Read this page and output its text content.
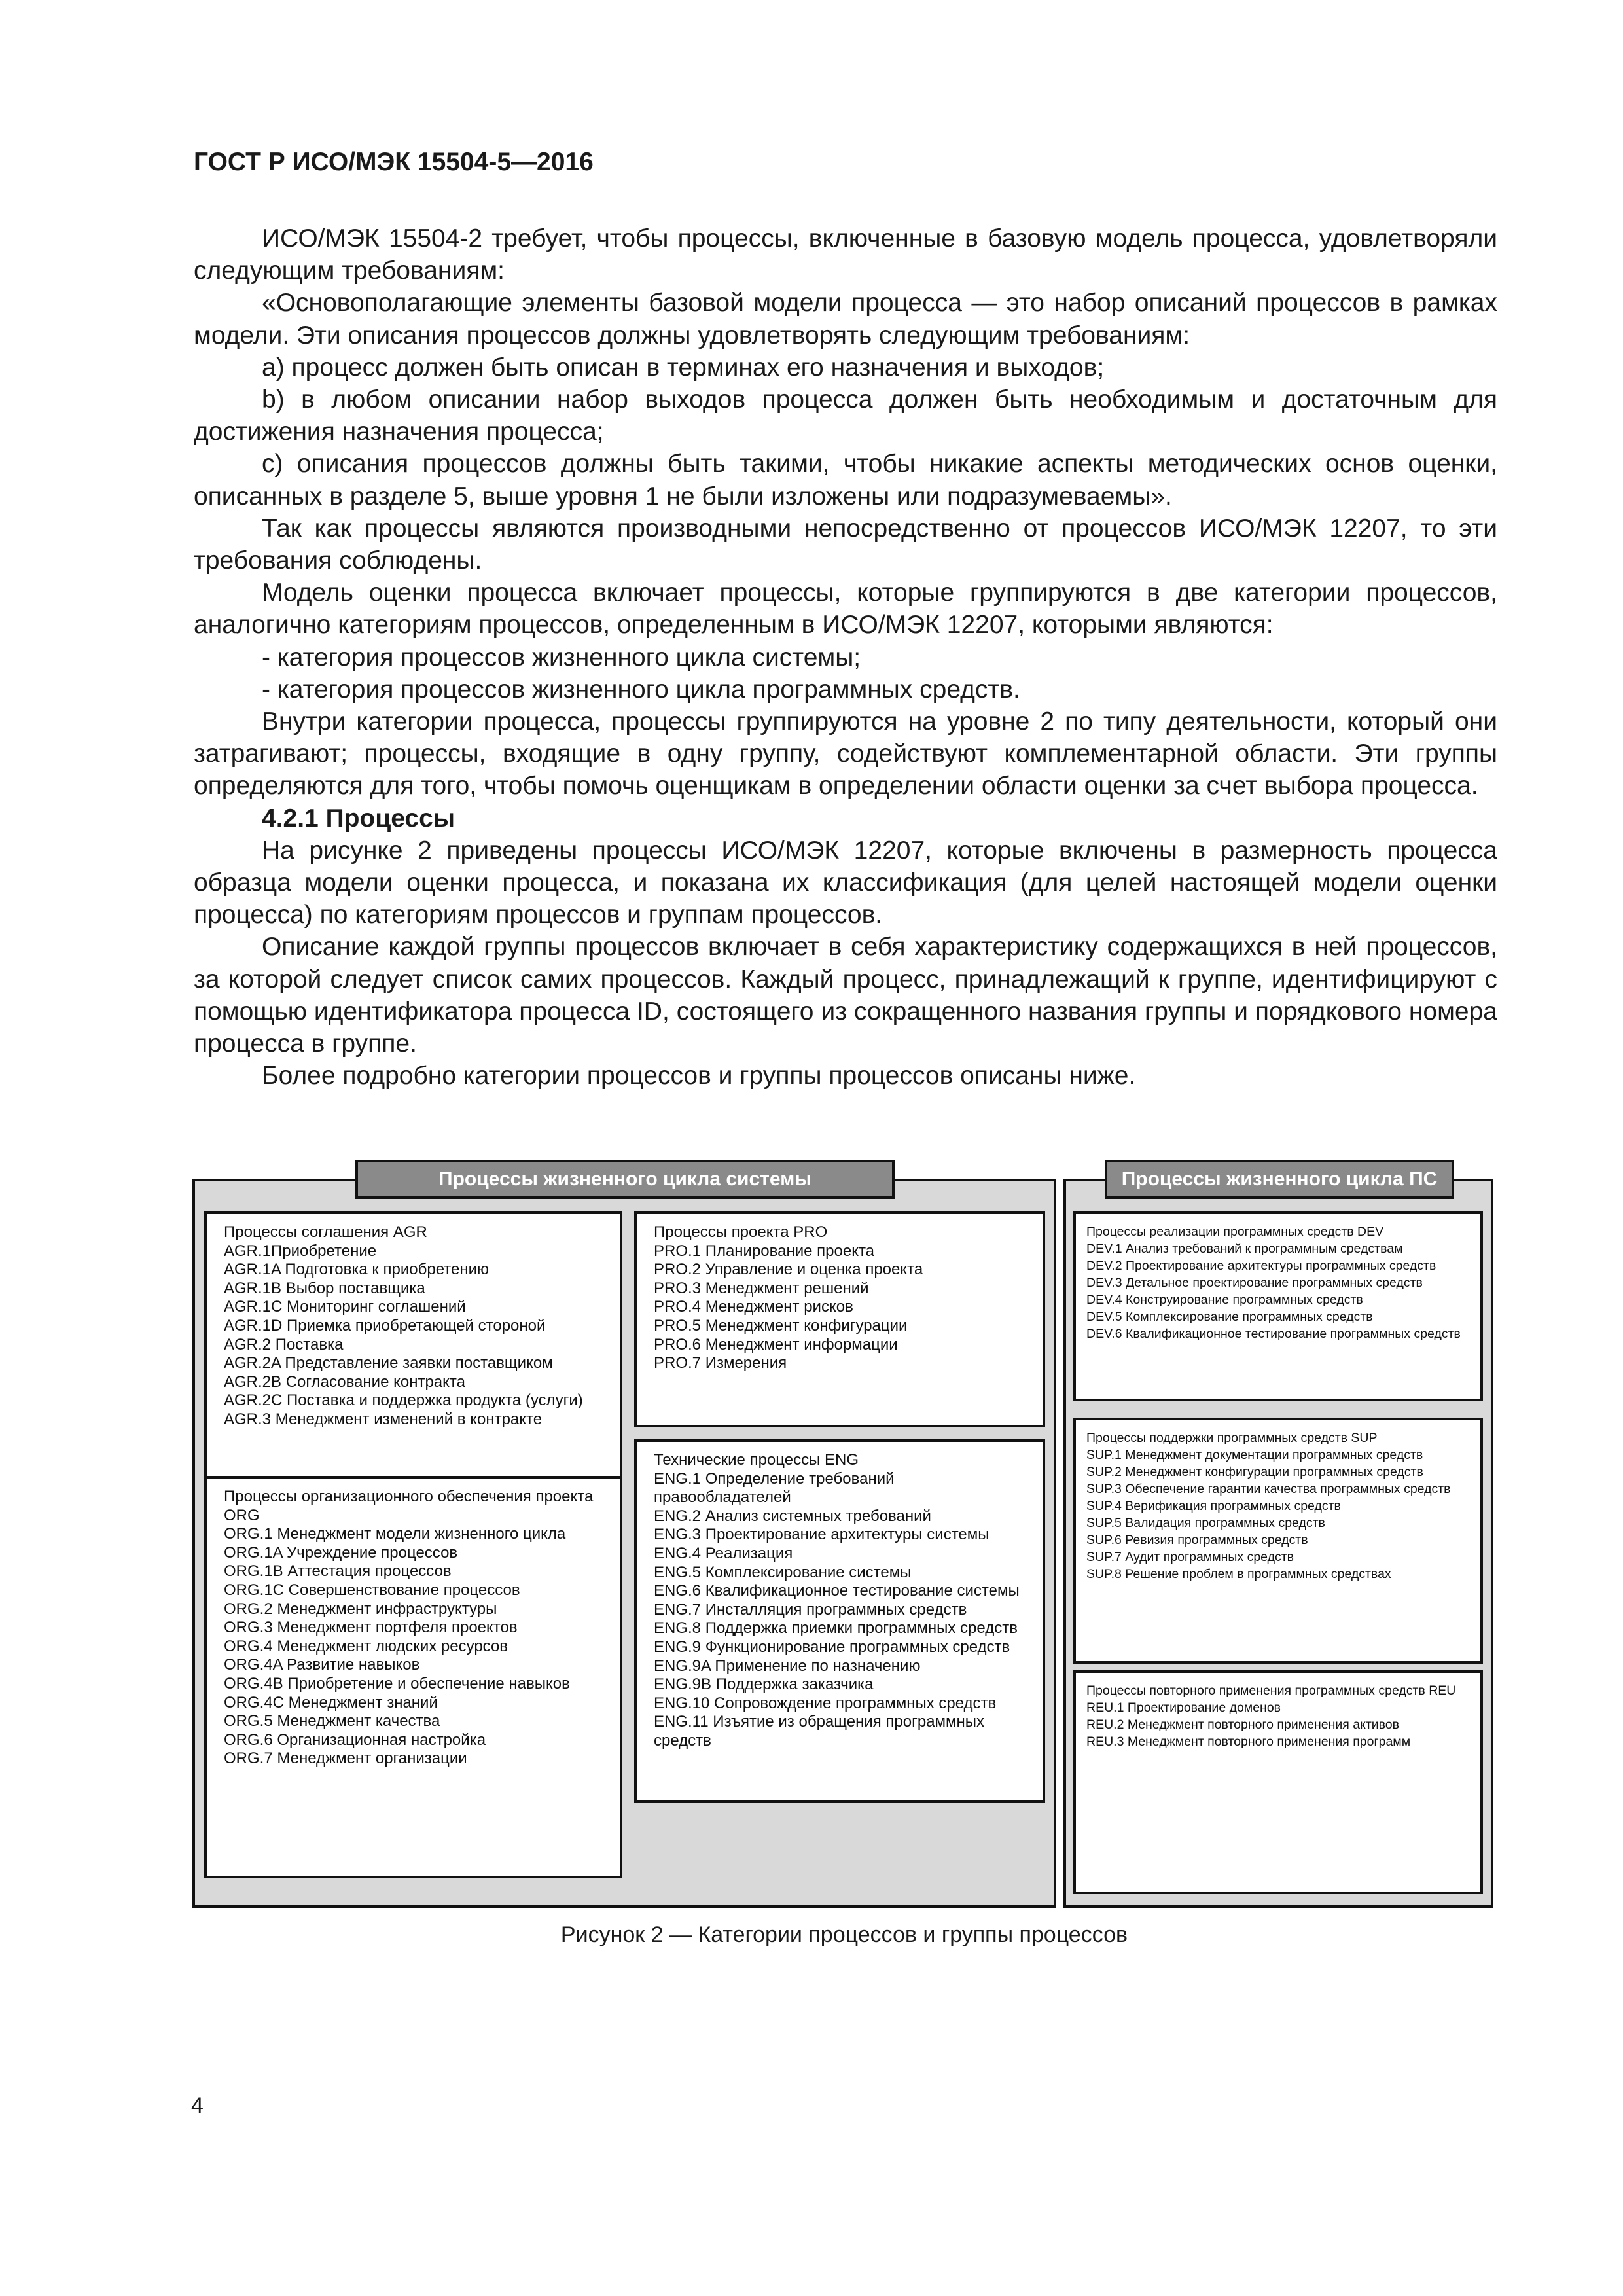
ГОСТ Р ИСО/МЭК 15504-5—2016

ИСО/МЭК 15504-2 требует, чтобы процессы, включенные в базовую модель процесса, удовлетворяли следующим требованиям:

«Основополагающие элементы базовой модели процесса — это набор описаний процессов в рамках модели. Эти описания процессов должны удовлетворять следующим требованиям:

а) процесс должен быть описан в терминах его назначения и выходов;

b) в любом описании набор выходов процесса должен быть необходимым и достаточным для достижения назначения процесса;

с) описания процессов должны быть такими, чтобы никакие аспекты методических основ оценки, описанных в разделе 5, выше уровня 1 не были изложены или подразумеваемы».

Так как процессы являются производными непосредственно от процессов ИСО/МЭК 12207, то эти требования соблюдены.

Модель оценки процесса включает процессы, которые группируются в две категории процессов, аналогично категориям процессов, определенным в ИСО/МЭК 12207, которыми являются:

- категория процессов жизненного цикла системы;

- категория процессов жизненного цикла программных средств.

Внутри категории процесса, процессы группируются на уровне 2 по типу деятельности, который они затрагивают; процессы, входящие в одну группу, содействуют комплементарной области. Эти группы определяются для того, чтобы помочь оценщикам в определении области оценки за счет выбора процесса.

4.2.1 Процессы

На рисунке 2 приведены процессы ИСО/МЭК 12207, которые включены в размерность процесса образца модели оценки процесса, и показана их классификация (для целей настоящей модели оценки процесса) по категориям процессов и группам процессов.

Описание каждой группы процессов включает в себя характеристику содержащихся в ней процессов, за которой следует список самих процессов. Каждый процесс, принадлежащий к группе, идентифицируют с помощью идентификатора процесса ID, состоящего из сокращенного названия группы и порядкового номера процесса в группе.

Более подробно категории процессов и группы процессов описаны ниже.

Процессы жизненного цикла системы	Процессы жизненного цикла ПС
Процессы соглашения AGR
AGR.1Приобретение
AGR.1A Подготовка к приобретению
AGR.1B Выбор поставщика
AGR.1C Мониторинг соглашений
AGR.1D Приемка приобретающей стороной
AGR.2 Поставка
AGR.2A Представление заявки поставщиком
AGR.2B Согласование контракта
AGR.2C Поставка и поддержка продукта (услуги)
AGR.3 Менеджмент изменений в контракте
Процессы проекта PRO
PRO.1 Планирование проекта
PRO.2 Управление и оценка проекта
PRO.3 Менеджмент решений
PRO.4 Менеджмент рисков
PRO.5 Менеджмент конфигурации
PRO.6 Менеджмент информации
PRO.7 Измерения
Процессы организационного обеспечения проекта ORG
ORG.1 Менеджмент модели жизненного цикла
ORG.1A Учреждение процессов
ORG.1B Аттестация процессов
ORG.1C Совершенствование процессов
ORG.2 Менеджмент инфраструктуры
ORG.3 Менеджмент портфеля проектов
ORG.4 Менеджмент людских ресурсов
ORG.4A Развитие навыков
ORG.4B Приобретение и обеспечение навыков
ORG.4C Менеджмент знаний
ORG.5 Менеджмент качества
ORG.6 Организационная настройка
ORG.7 Менеджмент организации
Технические процессы ENG
ENG.1 Определение требований правообладателей
ENG.2 Анализ системных требований
ENG.3 Проектирование архитектуры системы
ENG.4 Реализация
ENG.5 Комплексирование системы
ENG.6 Квалификационное тестирование системы
ENG.7 Инсталляция программных средств
ENG.8 Поддержка приемки программных средств
ENG.9 Функционирование программных средств
ENG.9A Применение по назначению
ENG.9B Поддержка заказчика
ENG.10 Сопровождение программных средств
ENG.11 Изъятие из обращения программных средств
Процессы реализации программных средств DEV
DEV.1 Анализ требований к программным средствам
DEV.2 Проектирование архитектуры программных средств
DEV.3 Детальное проектирование программных средств
DEV.4 Конструирование программных средств
DEV.5 Комплексирование программных средств
DEV.6 Квалификационное тестирование программных средств
Процессы поддержки программных средств SUP
SUP.1 Менеджмент документации программных средств
SUP.2 Менеджмент конфигурации программных средств
SUP.3 Обеспечение гарантии качества программных средств
SUP.4 Верификация программных средств
SUP.5 Валидация программных средств
SUP.6 Ревизия программных средств
SUP.7 Аудит программных средств
SUP.8 Решение проблем в программных средствах
Процессы повторного применения программных средств REU
REU.1 Проектирование доменов
REU.2 Менеджмент повторного применения активов
REU.3 Менеджмент повторного применения программ
Рисунок 2 — Категории процессов и группы процессов
4
